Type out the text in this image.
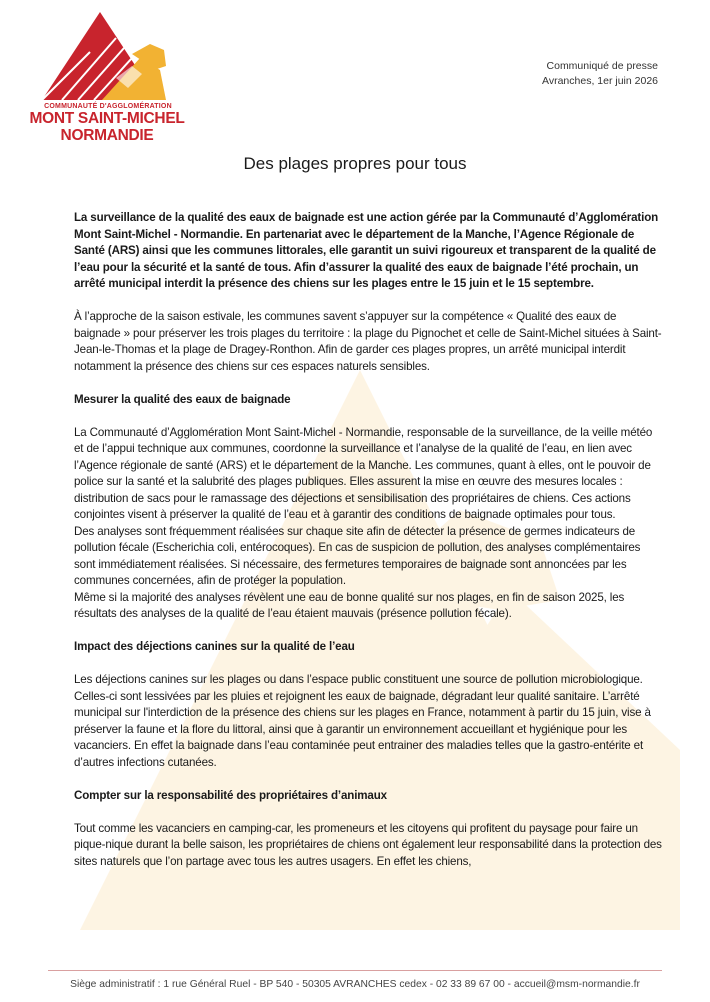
COMMUNAUTÉ D'AGGLOMÉRATION
MONT SAINT-MICHEL
NORMANDIE
Communiqué de presse
Avranches, 1er juin 2026
Des plages propres pour tous

La surveillance de la qualité des eaux de baignade est une action gérée par la Communauté d’Agglomération Mont Saint-Michel - Normandie. En partenariat avec le département de la Manche, l’Agence Régionale de Santé (ARS) ainsi que les communes littorales, elle garantit un suivi rigoureux et transparent de la qualité de l’eau pour la sécurité et la santé de tous. Afin d’assurer la qualité des eaux de baignade l’été prochain, un arrêté municipal interdit la présence des chiens sur les plages entre le 15 juin et le 15 septembre.

À l’approche de la saison estivale, les communes savent s’appuyer sur la compétence « Qualité des eaux de baignade » pour préserver les trois plages du territoire : la plage du Pignochet et celle de Saint-Michel situées à Saint-Jean-le-Thomas et la plage de Dragey-Ronthon. Afin de garder ces plages propres, un arrêté municipal interdit notamment la présence des chiens sur ces espaces naturels sensibles.

Mesurer la qualité des eaux de baignade

La Communauté d’Agglomération Mont Saint-Michel - Normandie, responsable de la surveillance, de la veille météo et de l’appui technique aux communes, coordonne la surveillance et l’analyse de la qualité de l’eau, en lien avec l’Agence régionale de santé (ARS) et le département de la Manche. Les communes, quant à elles, ont le pouvoir de police sur la santé et la salubrité des plages publiques. Elles assurent la mise en œuvre des mesures locales : distribution de sacs pour le ramassage des déjections et sensibilisation des propriétaires de chiens. Ces actions conjointes visent à préserver la qualité de l’eau et à garantir des conditions de baignade optimales pour tous.

Des analyses sont fréquemment réalisées sur chaque site afin de détecter la présence de germes indicateurs de pollution fécale (Escherichia coli, entérocoques). En cas de suspicion de pollution, des analyses complémentaires sont immédiatement réalisées. Si nécessaire, des fermetures temporaires de baignade sont annoncées par les communes concernées, afin de protéger la population.

Même si la majorité des analyses révèlent une eau de bonne qualité sur nos plages, en fin de saison 2025, les résultats des analyses de la qualité de l’eau étaient mauvais (présence pollution fécale).

Impact des déjections canines sur la qualité de l’eau

Les déjections canines sur les plages ou dans l’espace public constituent une source de pollution microbiologique. Celles-ci sont lessivées par les pluies et rejoignent les eaux de baignade, dégradant leur qualité sanitaire. L’arrêté municipal sur l'interdiction de la présence des chiens sur les plages en France, notamment à partir du 15 juin, vise à préserver la faune et la flore du littoral, ainsi que à garantir un environnement accueillant et hygiénique pour les vacanciers. En effet la baignade dans l’eau contaminée peut entrainer des maladies telles que la gastro-entérite et d’autres infections cutanées.

Compter sur la responsabilité des propriétaires d’animaux

Tout comme les vacanciers en camping-car, les promeneurs et les citoyens qui profitent du paysage pour faire un pique-nique durant la belle saison, les propriétaires de chiens ont également leur responsabilité dans la protection des sites naturels que l’on partage avec tous les autres usagers. En effet les chiens,

Siège administratif : 1 rue Général Ruel - BP 540 - 50305 AVRANCHES cedex - 02 33 89 67 00 - accueil@msm-normandie.fr
